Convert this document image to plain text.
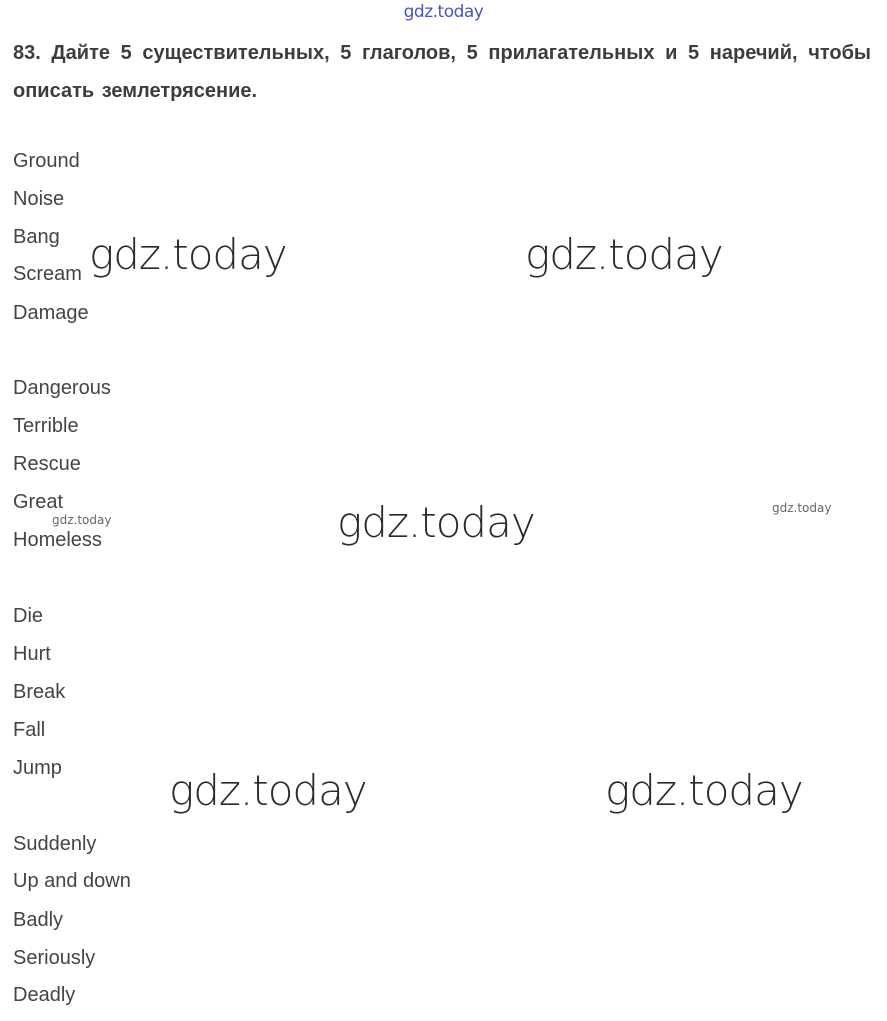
gdz.today
83. Дайте 5 существительных, 5 глаголов, 5 прилагательных и 5 наречий, чтобы описать землетрясение.
Ground
Noise
Bang
Scream
Damage
Dangerous
Terrible
Rescue
Great
Homeless
Die
Hurt
Break
Fall
Jump
Suddenly
Up and down
Badly
Seriously
Deadly
gdz.today	gdz.today
gdz.today
gdz.today	gdz.today
gdz.today
gdz.today
